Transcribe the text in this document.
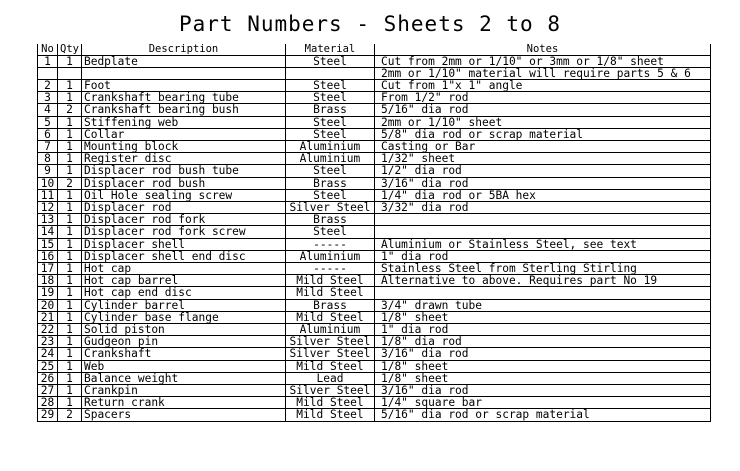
Part Numbers - Sheets 2 to 8
No	Qty	Description	Material	Notes
1	1	Bedplate	Steel	Cut from 2mm or 1/10" or 3mm or 1/8" sheet
				2mm or 1/10" material will require parts 5 & 6
2	1	Foot	Steel	Cut from 1"x 1" angle
3	1	Crankshaft bearing tube	Steel	From 1/2" rod
4	2	Crankshaft bearing bush	Brass	5/16" dia rod
5	1	Stiffening web	Steel	2mm or 1/10" sheet
6	1	Collar	Steel	5/8" dia rod or scrap material
7	1	Mounting block	Aluminium	Casting or Bar
8	1	Register disc	Aluminium	1/32" sheet
9	1	Displacer rod bush tube	Steel	1/2" dia rod
10	2	Displacer rod bush	Brass	3/16" dia rod
11	1	Oil Hole sealing screw	Steel	1/4" dia rod or 5BA hex
12	1	Displacer rod	Silver Steel	3/32" dia rod
13	1	Displacer rod fork	Brass	
14	1	Displacer rod fork screw	Steel	
15	1	Displacer shell	-----	Aluminium or Stainless Steel, see text
16	1	Displacer shell end disc	Aluminium	1" dia rod
17	1	Hot cap	-----	Stainless Steel from Sterling Stirling
18	1	Hot cap barrel	Mild Steel	Alternative to above. Requires part No 19
19	1	Hot cap end disc	Mild Steel	
20	1	Cylinder barrel	Brass	3/4" drawn tube
21	1	Cylinder base flange	Mild Steel	1/8" sheet
22	1	Solid piston	Aluminium	1" dia rod
23	1	Gudgeon pin	Silver Steel	1/8" dia rod
24	1	Crankshaft	Silver Steel	3/16" dia rod
25	1	Web	Mild Steel	1/8" sheet
26	1	Balance weight	Lead	1/8" sheet
27	1	Crankpin	Silver Steel	3/16" dia rod
28	1	Return crank	Mild Steel	1/4" square bar
29	2	Spacers	Mild Steel	5/16" dia rod or scrap material
